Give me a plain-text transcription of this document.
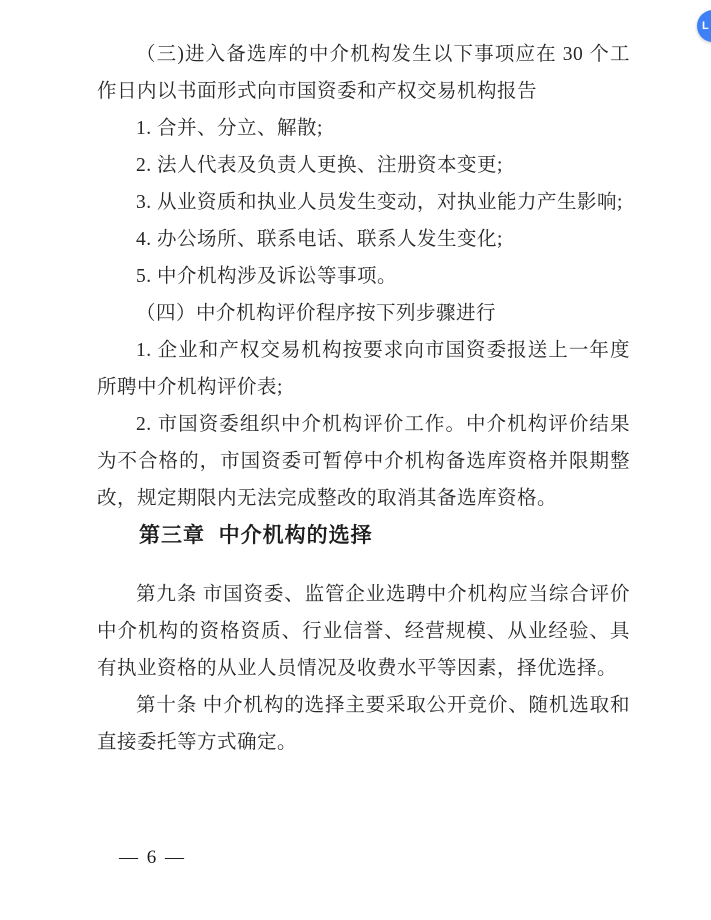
L

（三)进入备选库的中介机构发生以下事项应在 30 个工作日内以书面形式向市国资委和产权交易机构报告

1. 合并、分立、解散;

2. 法人代表及负责人更换、注册资本变更;

3. 从业资质和执业人员发生变动，对执业能力产生影响;

4. 办公场所、联系电话、联系人发生变化;

5. 中介机构涉及诉讼等事项。

（四）中介机构评价程序按下列步骤进行

1. 企业和产权交易机构按要求向市国资委报送上一年度所聘中介机构评价表;

2. 市国资委组织中介机构评价工作。中介机构评价结果为不合格的，市国资委可暂停中介机构备选库资格并限期整改，规定期限内无法完成整改的取消其备选库资格。

第三章  中介机构的选择

第九条 市国资委、监管企业选聘中介机构应当综合评价中介机构的资格资质、行业信誉、经营规模、从业经验、具有执业资格的从业人员情况及收费水平等因素，择优选择。

第十条 中介机构的选择主要采取公开竞价、随机选取和直接委托等方式确定。

— 6 —
